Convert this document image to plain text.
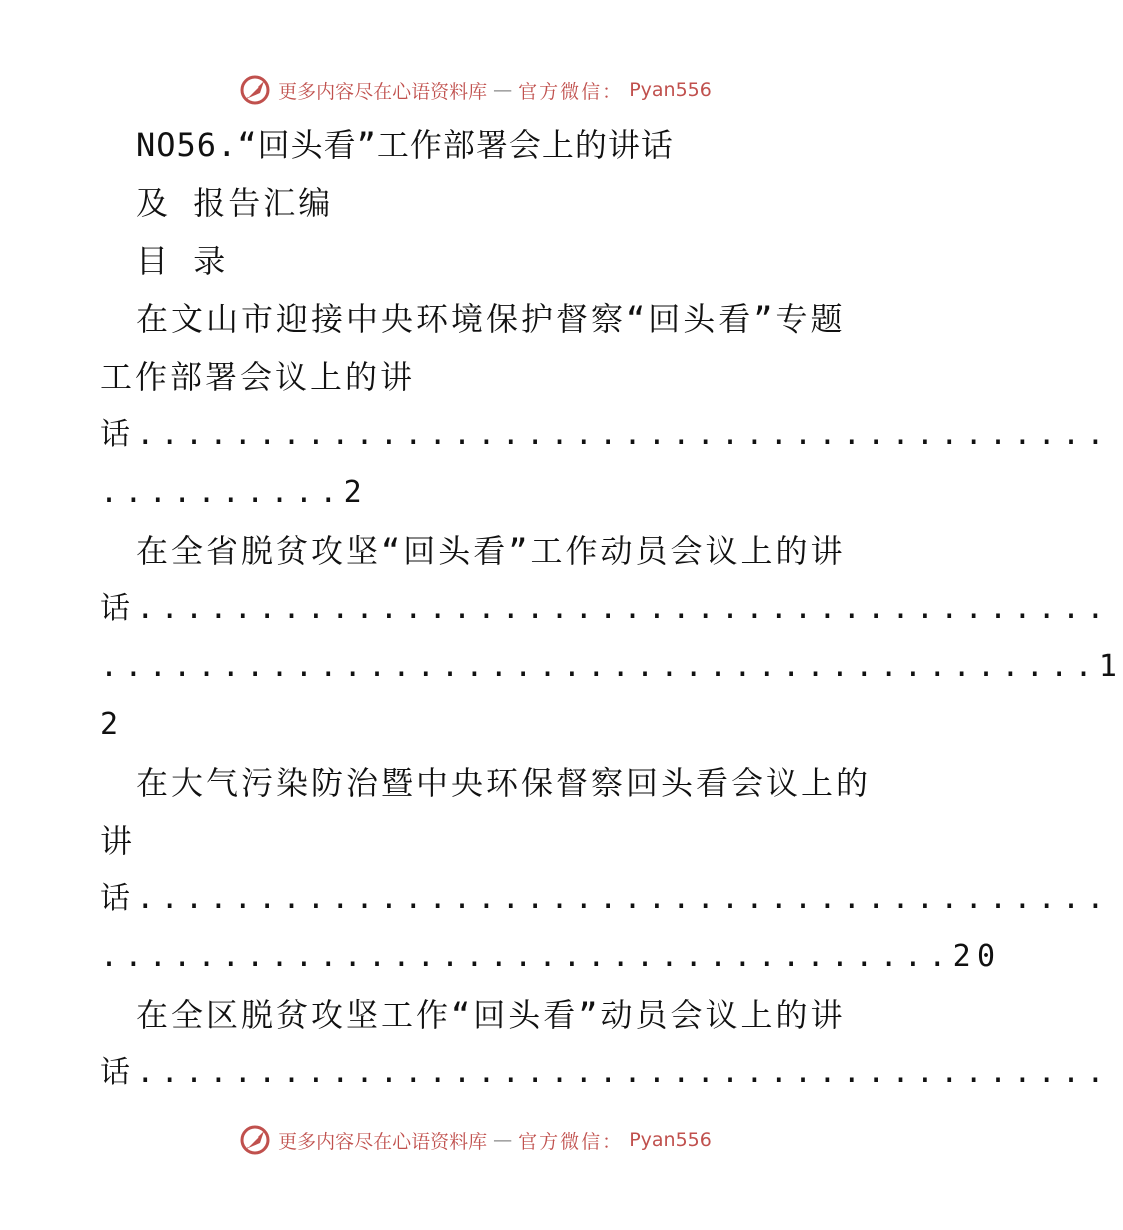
更多内容尽在心语资料库 — 官方微信： Pyan556
NO56.“回头看”工作部署会上的讲话
及 报告汇编
目 录
在文山市迎接中央环境保护督察“回头看”专题
工作部署会议上的讲
话........................................
..........2
在全省脱贫攻坚“回头看”工作动员会议上的讲
话........................................
.........................................1
2
在大气污染防治暨中央环保督察回头看会议上的
讲
话........................................
...................................20
在全区脱贫攻坚工作“回头看”动员会议上的讲
话........................................
更多内容尽在心语资料库 — 官方微信： Pyan556
